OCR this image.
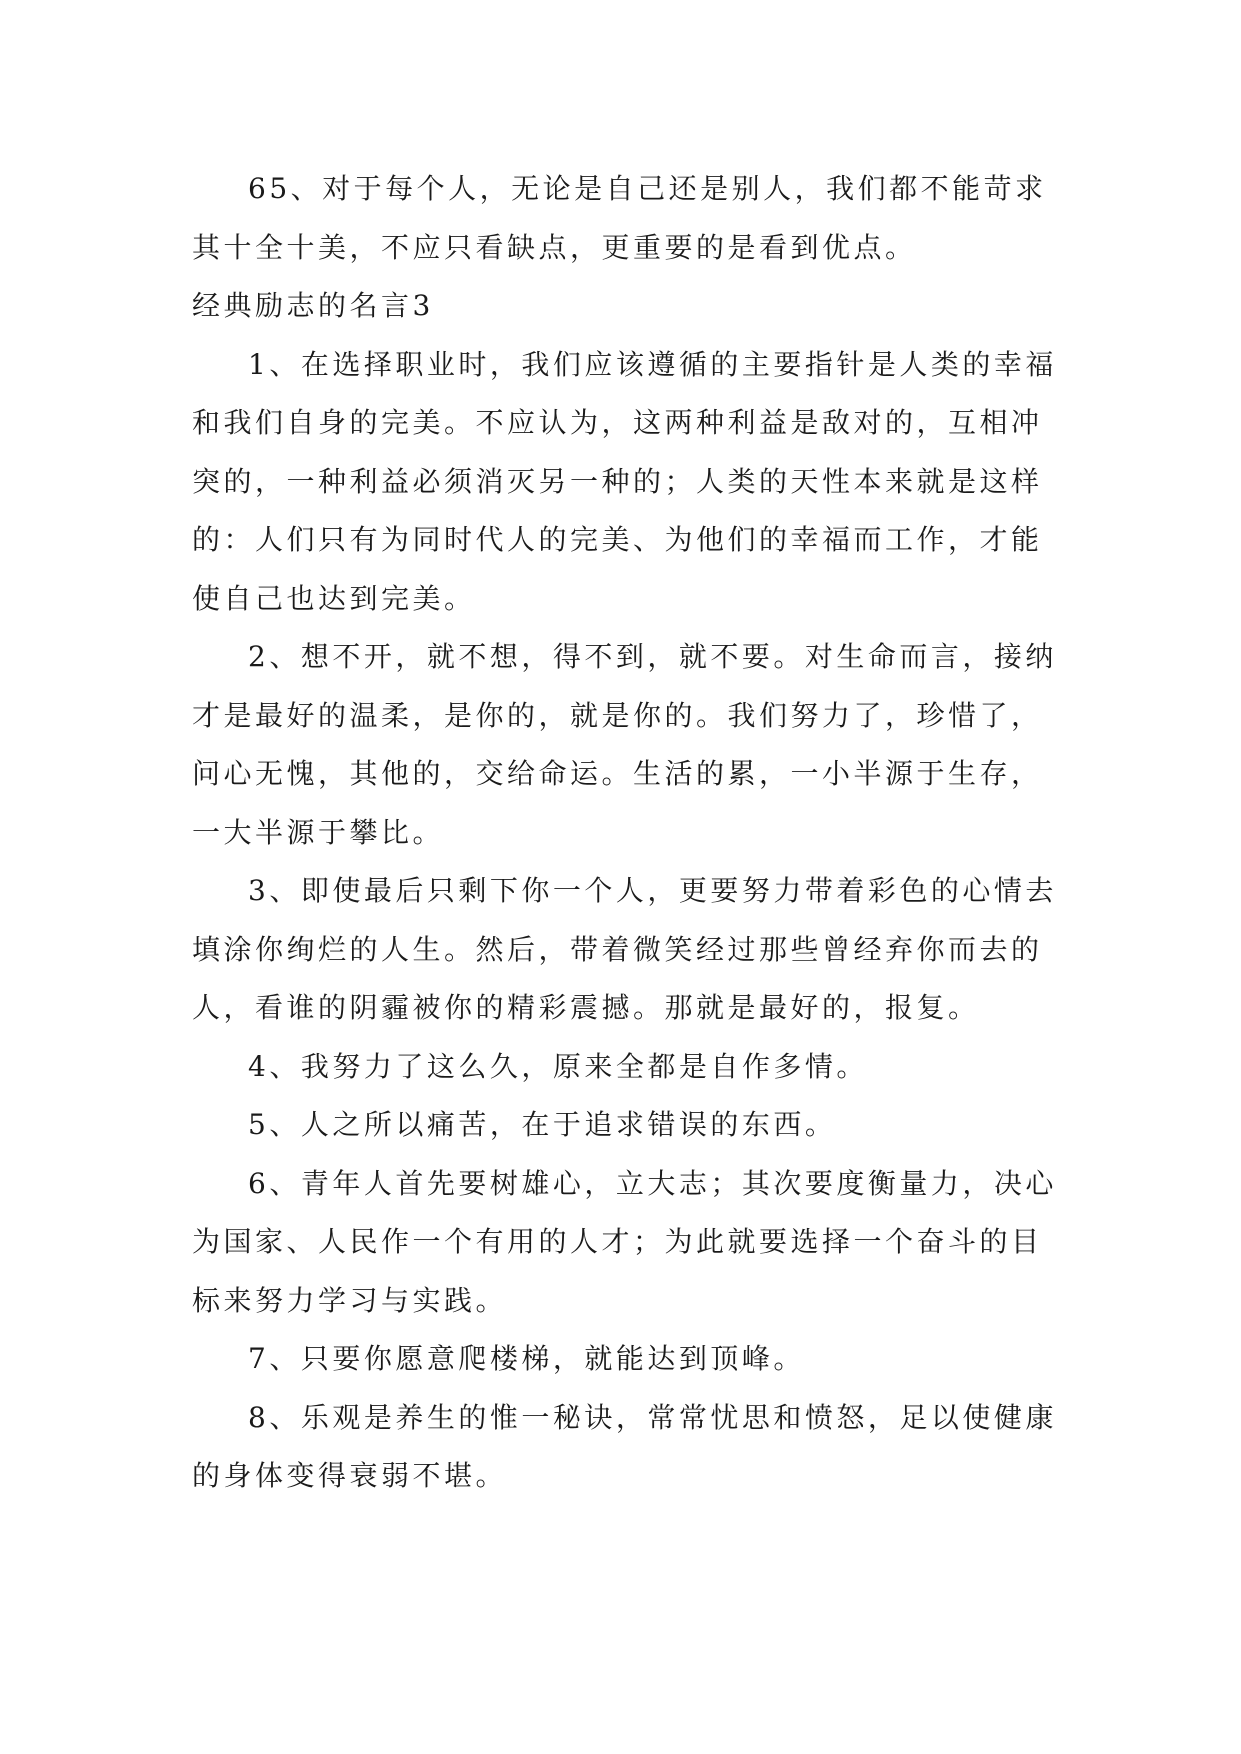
65、对于每个人，无论是自己还是别人，我们都不能苛求其十全十美，不应只看缺点，更重要的是看到优点。

经典励志的名言3

1、在选择职业时，我们应该遵循的主要指针是人类的幸福和我们自身的完美。不应认为，这两种利益是敌对的，互相冲突的，一种利益必须消灭另一种的；人类的天性本来就是这样的：人们只有为同时代人的完美、为他们的幸福而工作，才能使自己也达到完美。

2、想不开，就不想，得不到，就不要。对生命而言，接纳才是最好的温柔，是你的，就是你的。我们努力了，珍惜了，问心无愧，其他的，交给命运。生活的累，一小半源于生存，一大半源于攀比。

3、即使最后只剩下你一个人，更要努力带着彩色的心情去填涂你绚烂的人生。然后，带着微笑经过那些曾经弃你而去的人，看谁的阴霾被你的精彩震撼。那就是最好的，报复。

4、我努力了这么久，原来全都是自作多情。

5、人之所以痛苦，在于追求错误的东西。

6、青年人首先要树雄心，立大志；其次要度衡量力，决心为国家、人民作一个有用的人才；为此就要选择一个奋斗的目标来努力学习与实践。

7、只要你愿意爬楼梯，就能达到顶峰。

8、乐观是养生的惟一秘诀，常常忧思和愤怒，足以使健康的身体变得衰弱不堪。
